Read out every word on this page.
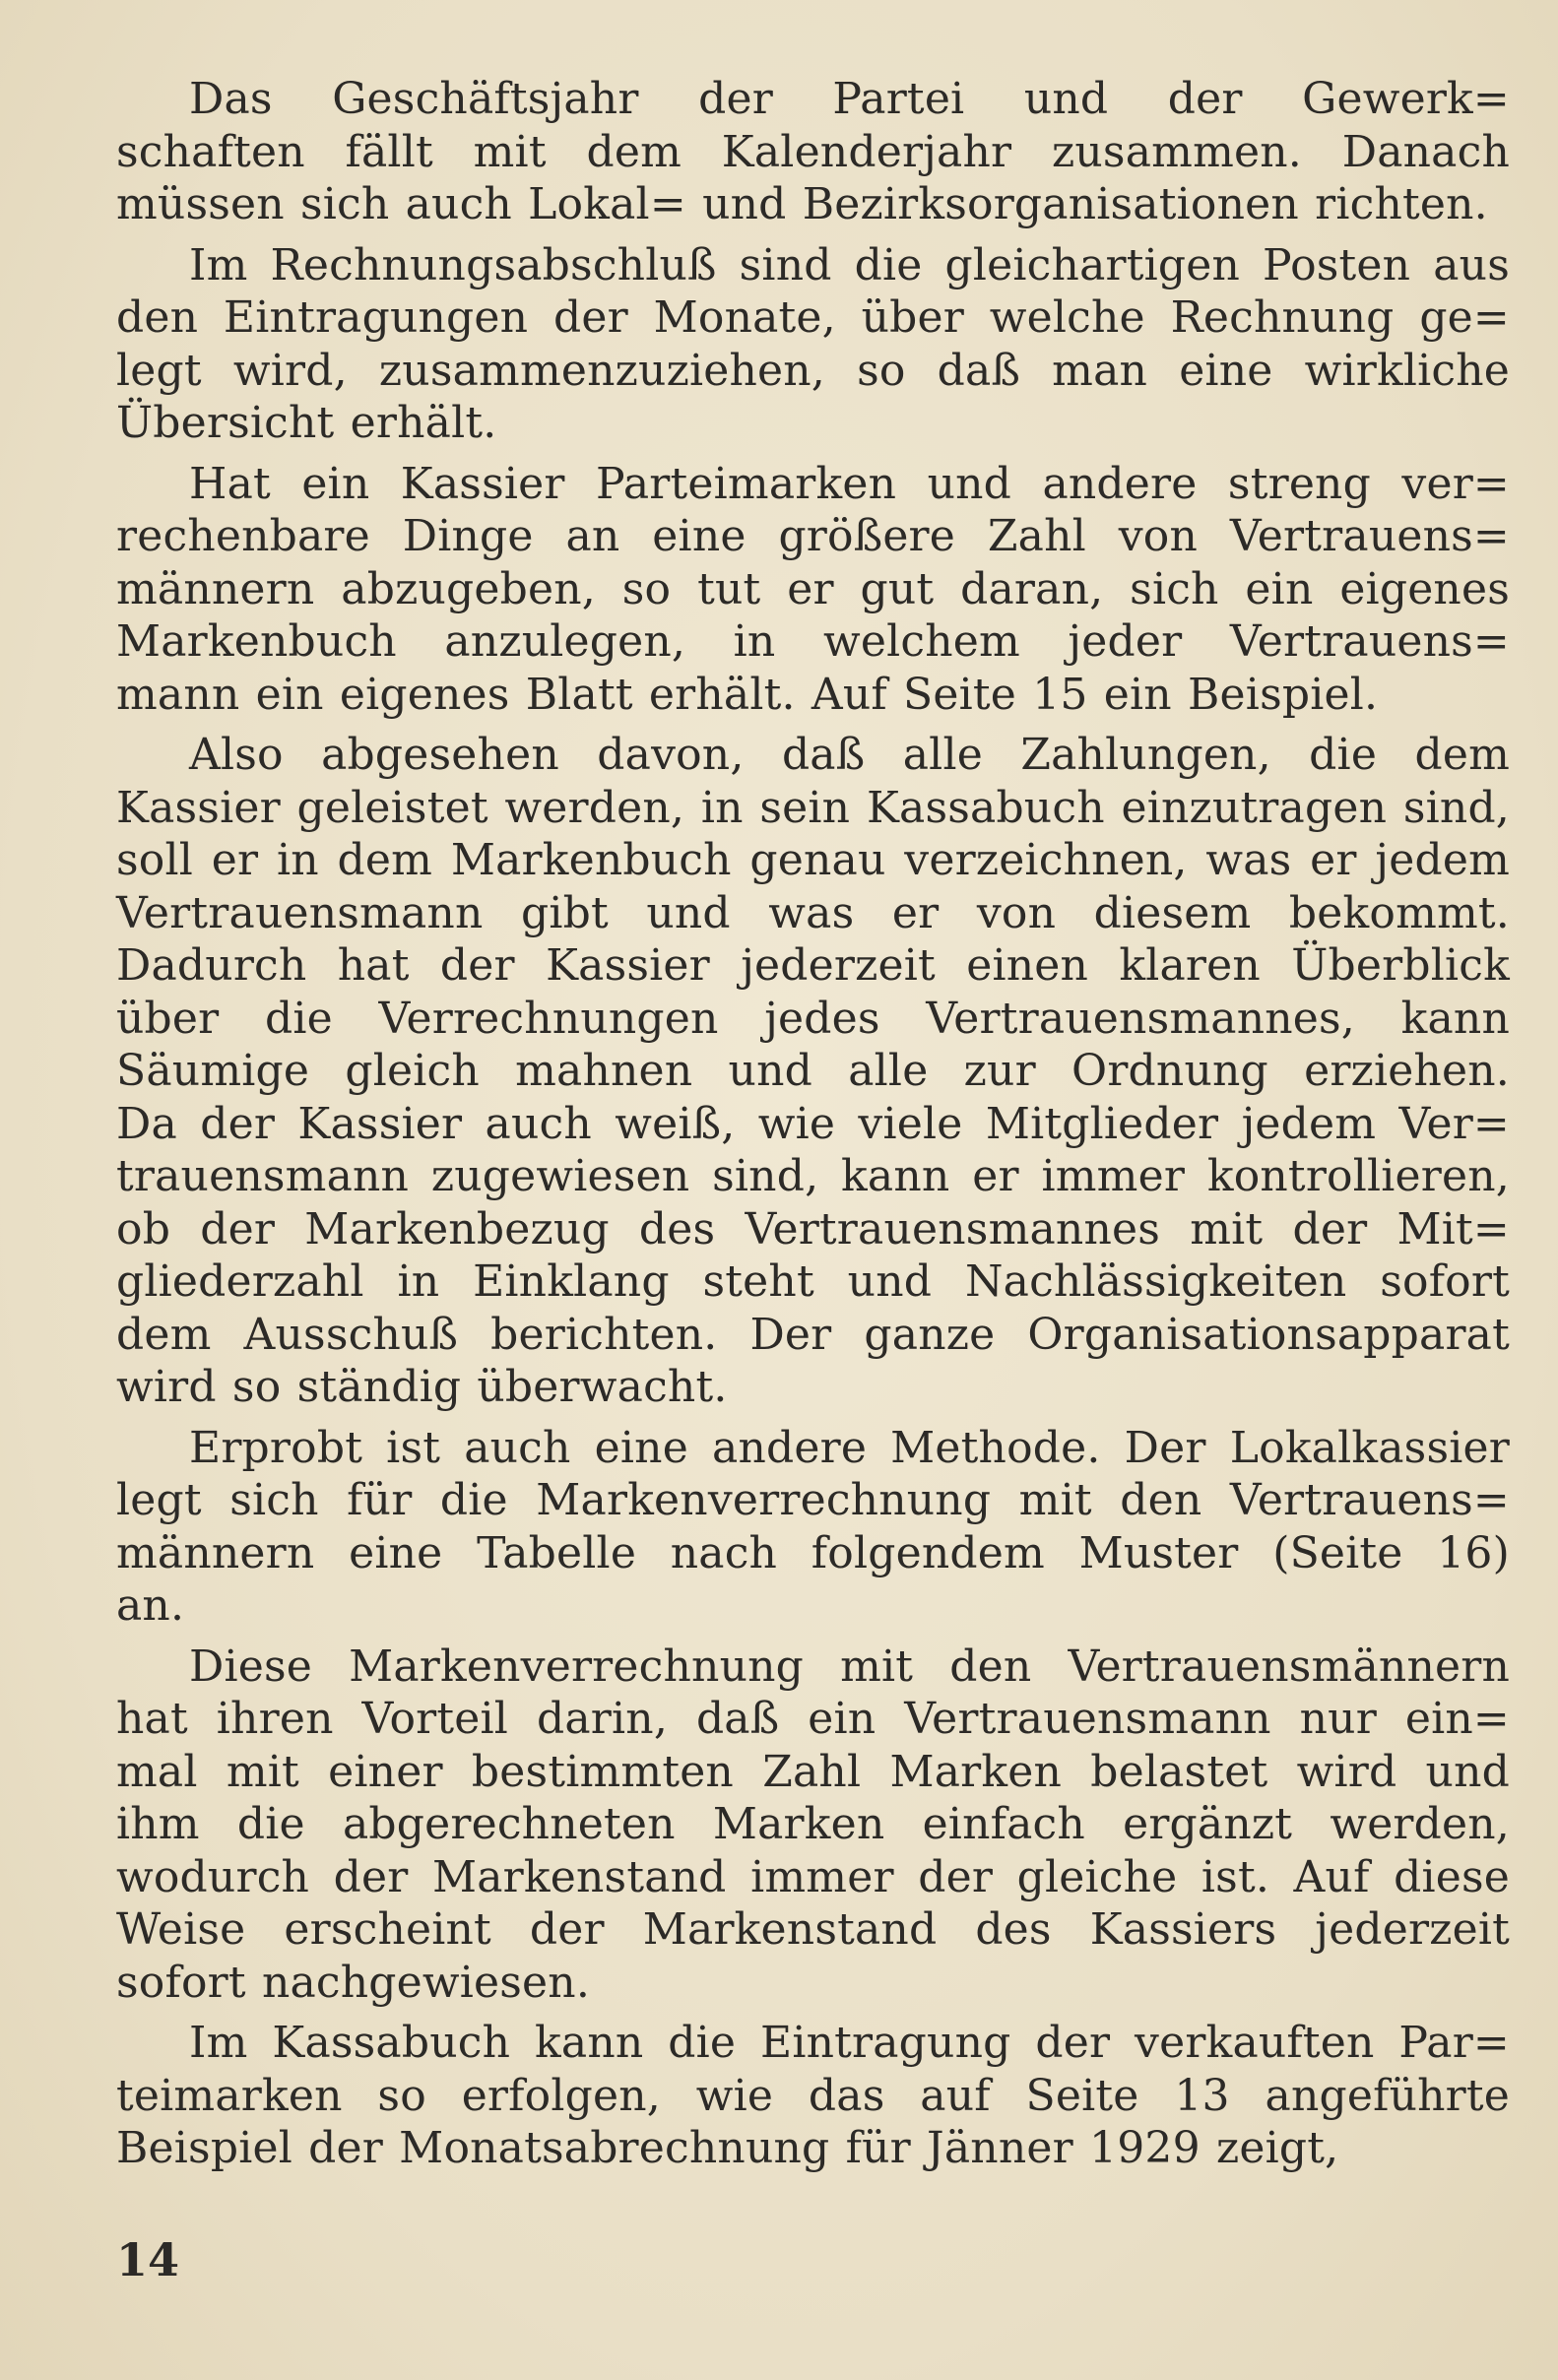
Das Geschäftsjahr der Partei und der Gewerk=
schaften fällt mit dem Kalenderjahr zusammen. Danach
müssen sich auch Lokal= und Bezirksorganisationen richten.

Im Rechnungsabschluß sind die gleichartigen Posten aus
den Eintragungen der Monate, über welche Rechnung ge=
legt wird, zusammenzuziehen, so daß man eine wirkliche
Übersicht erhält.

Hat ein Kassier Parteimarken und andere streng ver=
rechenbare Dinge an eine größere Zahl von Vertrauens=
männern abzugeben, so tut er gut daran, sich ein eigenes
Markenbuch anzulegen, in welchem jeder Vertrauens=
mann ein eigenes Blatt erhält. Auf Seite 15 ein Beispiel.

Also abgesehen davon, daß alle Zahlungen, die dem
Kassier geleistet werden, in sein Kassabuch einzutragen sind,
soll er in dem Markenbuch genau verzeichnen, was er jedem
Vertrauensmann gibt und was er von diesem bekommt.
Dadurch hat der Kassier jederzeit einen klaren Überblick
über die Verrechnungen jedes Vertrauensmannes, kann
Säumige gleich mahnen und alle zur Ordnung erziehen.
Da der Kassier auch weiß, wie viele Mitglieder jedem Ver=
trauensmann zugewiesen sind, kann er immer kontrollieren,
ob der Markenbezug des Vertrauensmannes mit der Mit=
gliederzahl in Einklang steht und Nachlässigkeiten sofort
dem Ausschuß berichten. Der ganze Organisationsapparat
wird so ständig überwacht.

Erprobt ist auch eine andere Methode. Der Lokalkassier
legt sich für die Markenverrechnung mit den Vertrauens=
männern eine Tabelle nach folgendem Muster (Seite 16)
an.

Diese Markenverrechnung mit den Vertrauensmännern
hat ihren Vorteil darin, daß ein Vertrauensmann nur ein=
mal mit einer bestimmten Zahl Marken belastet wird und
ihm die abgerechneten Marken einfach ergänzt werden,
wodurch der Markenstand immer der gleiche ist. Auf diese
Weise erscheint der Markenstand des Kassiers jederzeit
sofort nachgewiesen.

Im Kassabuch kann die Eintragung der verkauften Par=
teimarken so erfolgen, wie das auf Seite 13 angeführte
Beispiel der Monatsabrechnung für Jänner 1929 zeigt,

14
